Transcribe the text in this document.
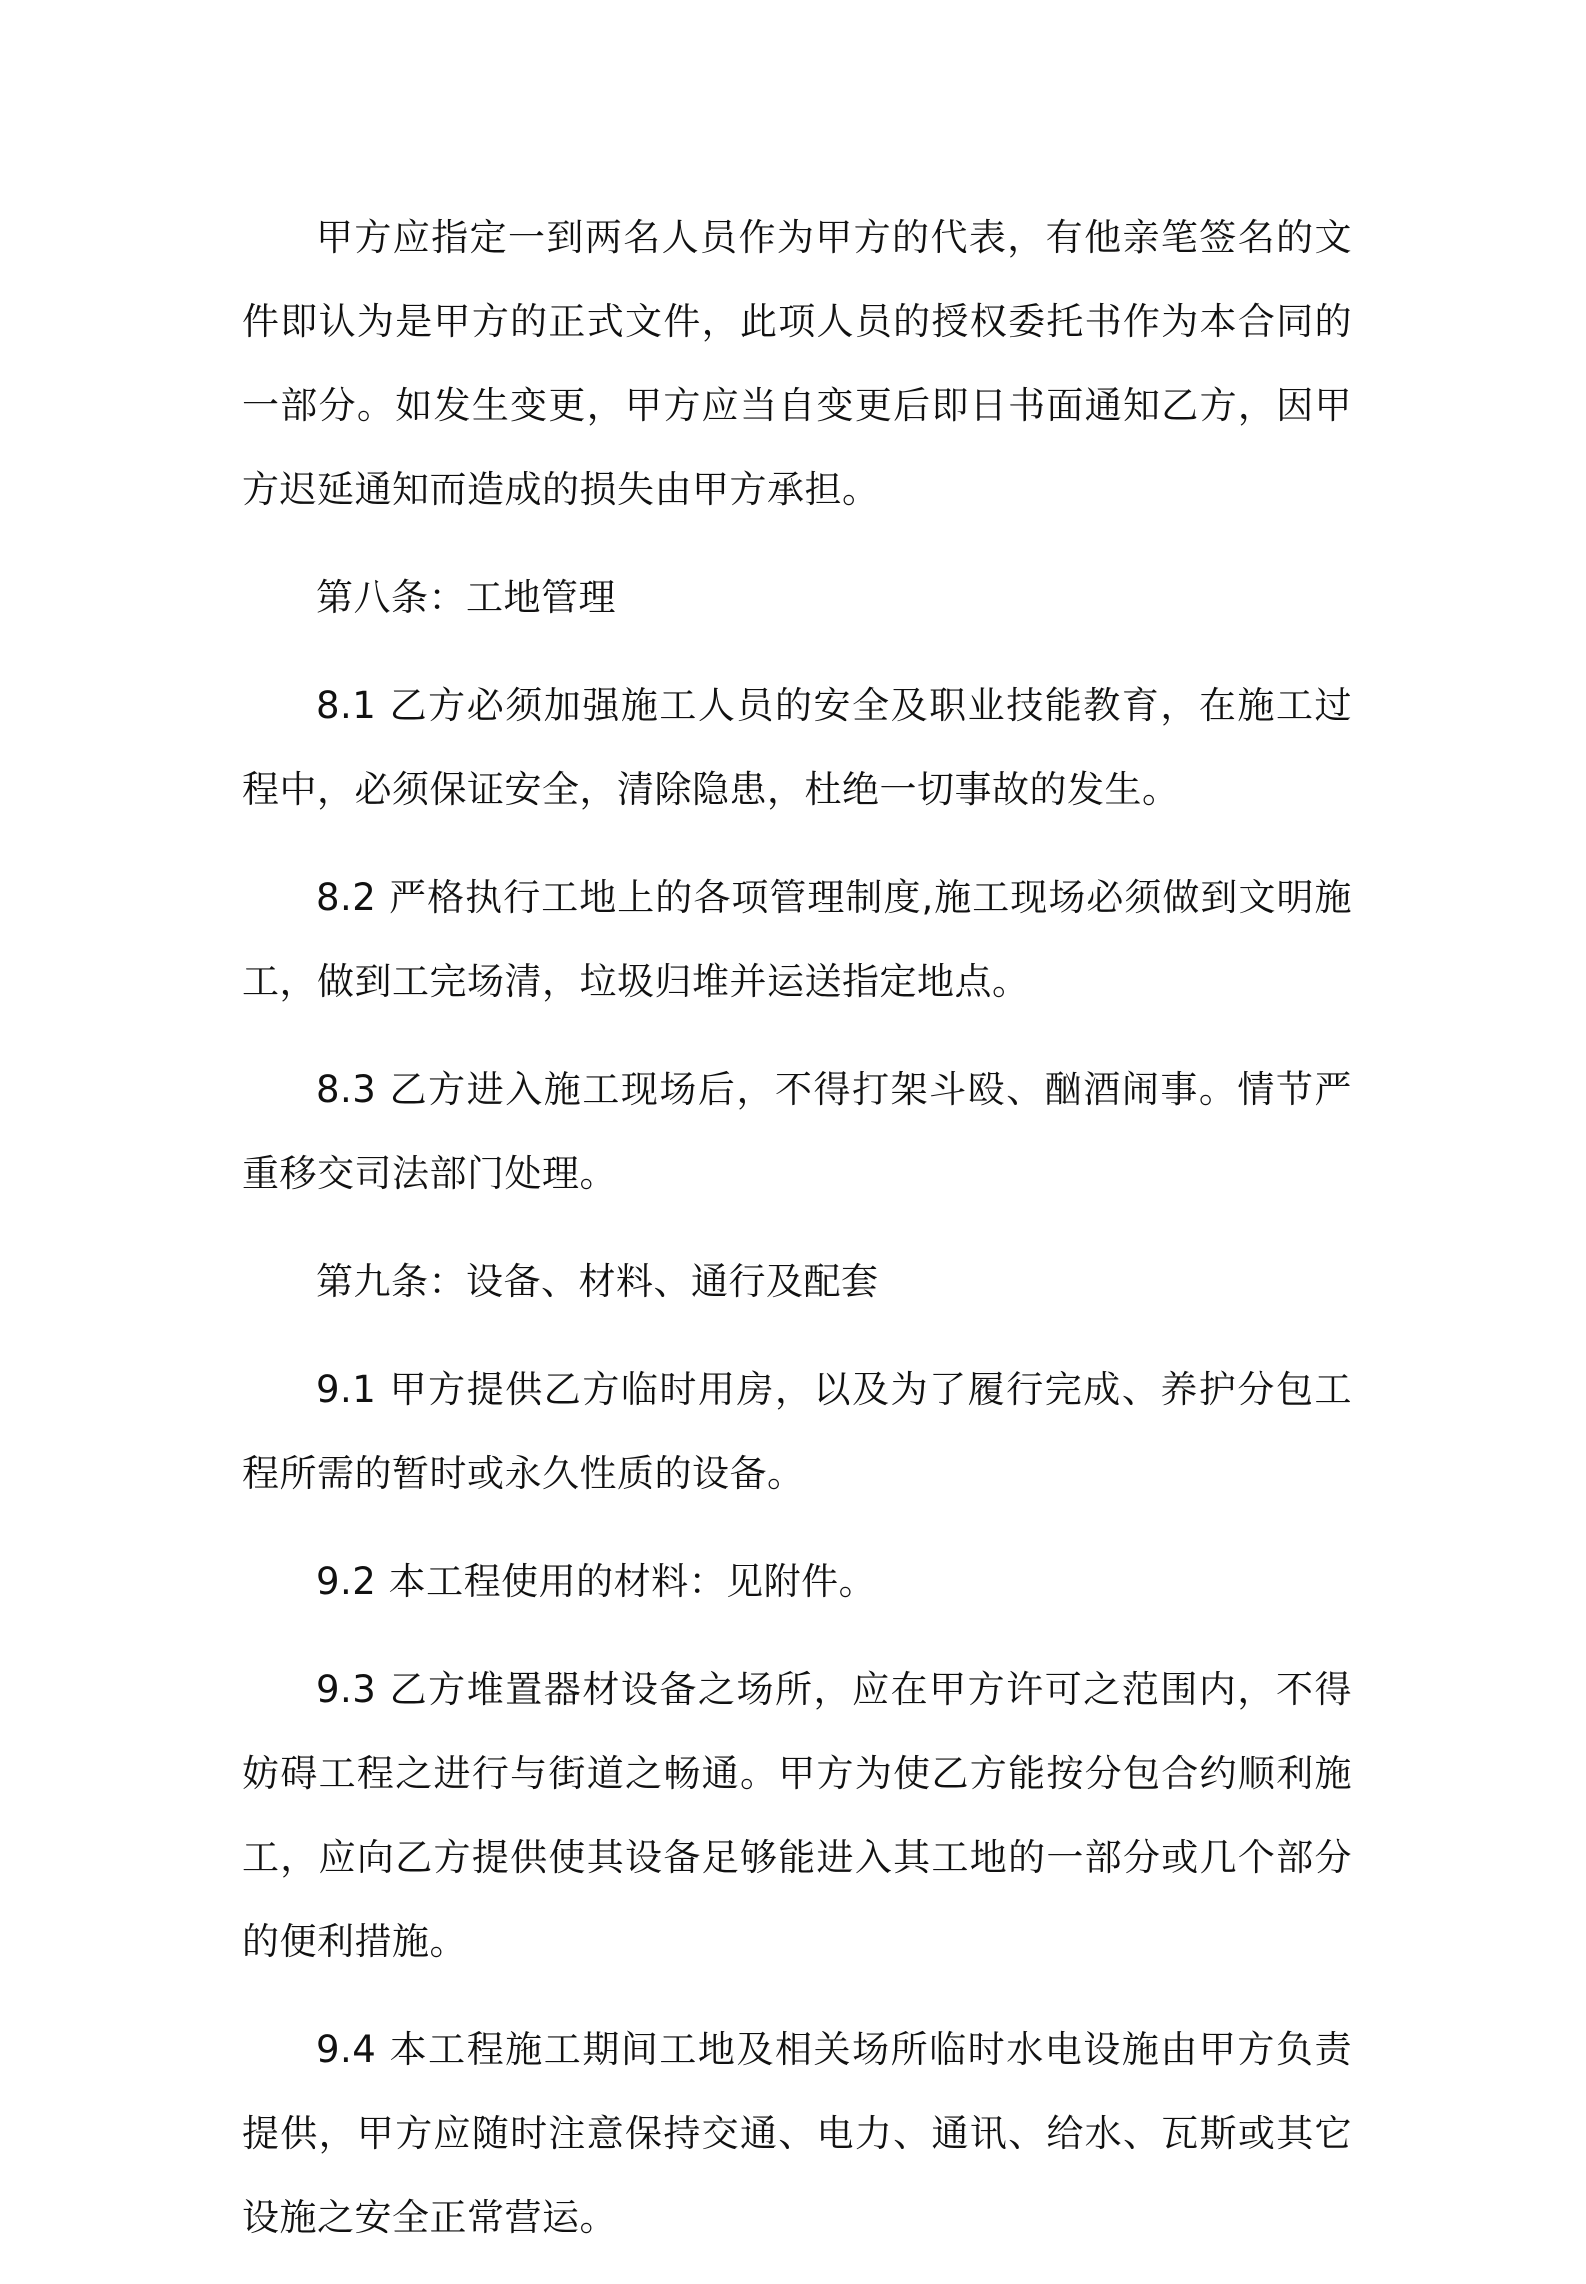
甲方应指定一到两名人员作为甲方的代表，有他亲笔签名的文件即认为是甲方的正式文件，此项人员的授权委托书作为本合同的一部分。如发生变更，甲方应当自变更后即日书面通知乙方，因甲方迟延通知而造成的损失由甲方承担。

第八条：工地管理

8.1 乙方必须加强施工人员的安全及职业技能教育，在施工过程中，必须保证安全，清除隐患，杜绝一切事故的发生。

8.2 严格执行工地上的各项管理制度,施工现场必须做到文明施工，做到工完场清，垃圾归堆并运送指定地点。

8.3 乙方进入施工现场后，不得打架斗殴、酗酒闹事。情节严重移交司法部门处理。

第九条：设备、材料、通行及配套

9.1 甲方提供乙方临时用房，以及为了履行完成、养护分包工程所需的暂时或永久性质的设备。

9.2 本工程使用的材料：见附件。

9.3 乙方堆置器材设备之场所，应在甲方许可之范围内，不得妨碍工程之进行与街道之畅通。甲方为使乙方能按分包合约顺利施工，应向乙方提供使其设备足够能进入其工地的一部分或几个部分的便利措施。

9.4 本工程施工期间工地及相关场所临时水电设施由甲方负责提供，甲方应随时注意保持交通、电力、通讯、给水、瓦斯或其它设施之安全正常营运。
